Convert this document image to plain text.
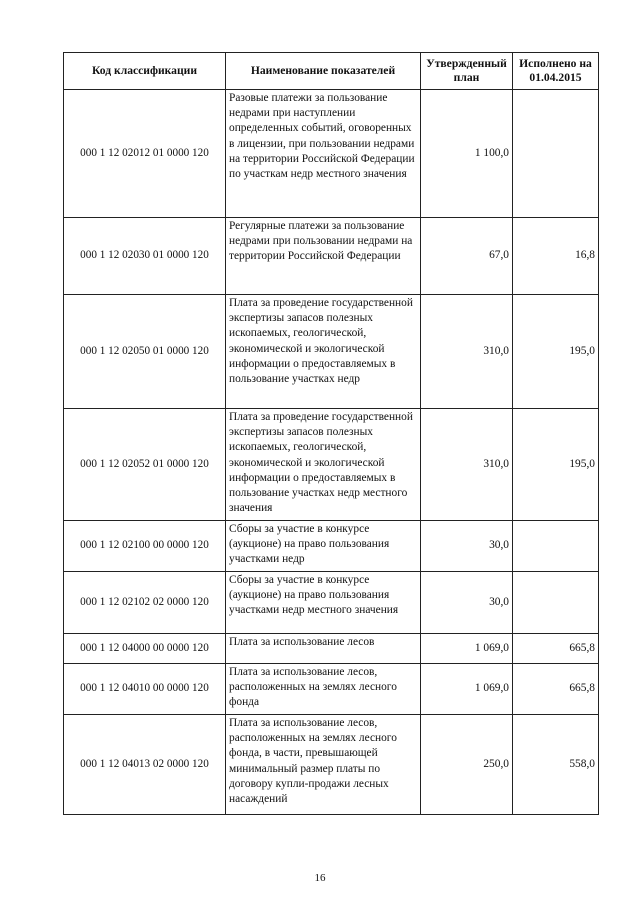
Код классификации	Наименование показателей	Утвержденный план	Исполнено на 01.04.2015
000 1 12 02012 01 0000 120	Разовые платежи за пользование недрами при наступлении определенных событий, оговоренных в лицензии, при пользовании недрами на территории Российской Федерации по участкам недр местного значения	1 100,0	
000 1 12 02030 01 0000 120	Регулярные платежи за пользование недрами при пользовании недрами на территории Российской Федерации	67,0	16,8
000 1 12 02050 01 0000 120	Плата за проведение государственной экспертизы запасов полезных ископаемых, геологической, экономической и экологической информации о предоставляемых в пользование участках недр	310,0	195,0
000 1 12 02052 01 0000 120	Плата за проведение государственной экспертизы запасов полезных ископаемых, геологической, экономической и экологической информации о предоставляемых в пользование участках недр местного значения	310,0	195,0
000 1 12 02100 00 0000 120	Сборы за участие в конкурсе (аукционе) на право пользования участками недр	30,0	
000 1 12 02102 02 0000 120	Сборы за участие в конкурсе (аукционе) на право пользования участками недр местного значения	30,0	
000 1 12 04000 00 0000 120	Плата за использование лесов	1 069,0	665,8
000 1 12 04010 00 0000 120	Плата за использование лесов, расположенных на землях лесного фонда	1 069,0	665,8
000 1 12 04013 02 0000 120	Плата за использование лесов, расположенных на землях лесного фонда, в части, превышающей минимальный размер платы по договору купли-продажи лесных насаждений	250,0	558,0
16
